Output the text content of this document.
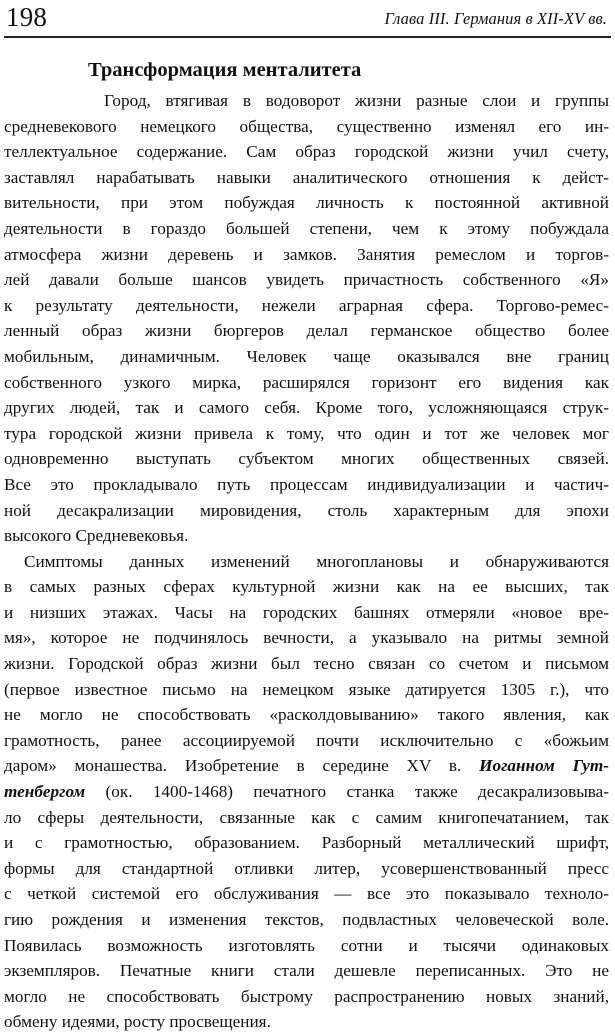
198	Глава III. Германия в XII-XV вв.
Трансформация менталитета
Город, втягивая в водоворот жизни разные слои и группы
средневекового немецкого общества, существенно изменял его ин-
теллектуальное содержание. Сам образ городской жизни учил счету,
заставлял нарабатывать навыки аналитического отношения к дейст-
вительности, при этом побуждая личность к постоянной активной
деятельности в гораздо большей степени, чем к этому побуждала
атмосфера жизни деревень и замков. Занятия ремеслом и торгов-
лей давали больше шансов увидеть причастность собственного «Я»
к результату деятельности, нежели аграрная сфера. Торгово-ремес-
ленный образ жизни бюргеров делал германское общество более
мобильным, динамичным. Человек чаще оказывался вне границ
собственного узкого мирка, расширялся горизонт его видения как
других людей, так и самого себя. Кроме того, усложняющаяся струк-
тура городской жизни привела к тому, что один и тот же человек мог
одновременно выступать субъектом многих общественных связей.
Все это прокладывало путь процессам индивидуализации и частич-
ной десакрализации мировидения, столь характерным для эпохи
высокого Средневековья.
Симптомы данных изменений многоплановы и обнаруживаются
в самых разных сферах культурной жизни как на ее высших, так
и низших этажах. Часы на городских башнях отмеряли «новое вре-
мя», которое не подчинялось вечности, а указывало на ритмы земной
жизни. Городской образ жизни был тесно связан со счетом и письмом
(первое известное письмо на немецком языке датируется 1305 г.), что
не могло не способствовать «расколдовыванию» такого явления, как
грамотность, ранее ассоциируемой почти исключительно с «божьим
даром» монашества. Изобретение в середине XV в. Иоганном Гут-
тенбергом (ок. 1400-1468) печатного станка также десакрализовыва-
ло сферы деятельности, связанные как с самим книгопечатанием, так
и с грамотностью, образованием. Разборный металлический шрифт,
формы для стандартной отливки литер, усовершенствованный пресс
с четкой системой его обслуживания — все это показывало техноло-
гию рождения и изменения текстов, подвластных человеческой воле.
Появилась возможность изготовлять сотни и тысячи одинаковых
экземпляров. Печатные книги стали дешевле переписанных. Это не
могло не способствовать быстрому распространению новых знаний,
обмену идеями, росту просвещения.
